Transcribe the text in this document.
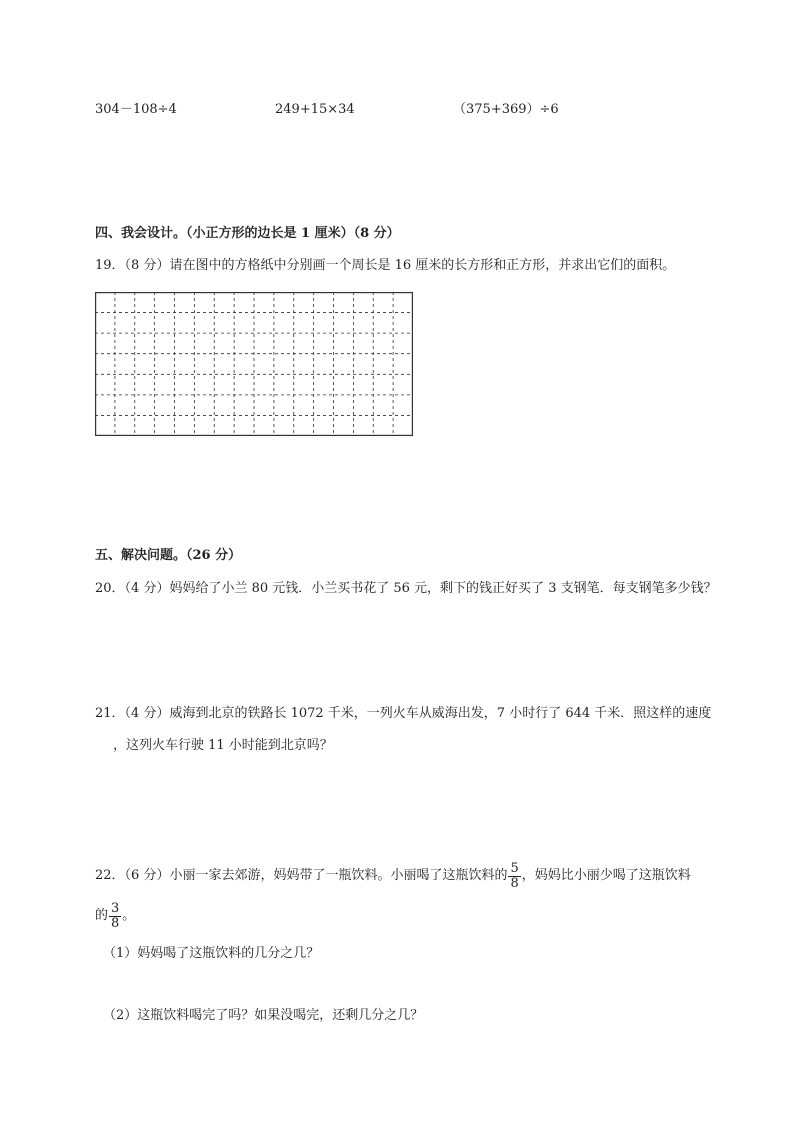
304－108÷4	249+15×34	（375+369）÷6
四、我会设计。（小正方形的边长是 1 厘米）（8 分）
19．（8 分）请在图中的方格纸中分别画一个周长是 16 厘米的长方形和正方形，并求出它们的面积。
五、解决问题。（26 分）
20．（4 分）妈妈给了小兰 80 元钱．小兰买书花了 56 元，剩下的钱正好买了 3 支钢笔．每支钢笔多少钱？
21．（4 分）威海到北京的铁路长 1072 千米，一列火车从威海出发，7 小时行了 644 千米．照这样的速度
，这列火车行驶 11 小时能到北京吗？
22．（6 分）小丽一家去郊游，妈妈带了一瓶饮料。小丽喝了这瓶饮料的 $\frac{5}{8}$ ，妈妈比小丽少喝了这瓶饮料
的 $\frac{3}{8}$ 。
（1）妈妈喝了这瓶饮料的几分之几？
（2）这瓶饮料喝完了吗？如果没喝完，还剩几分之几？
